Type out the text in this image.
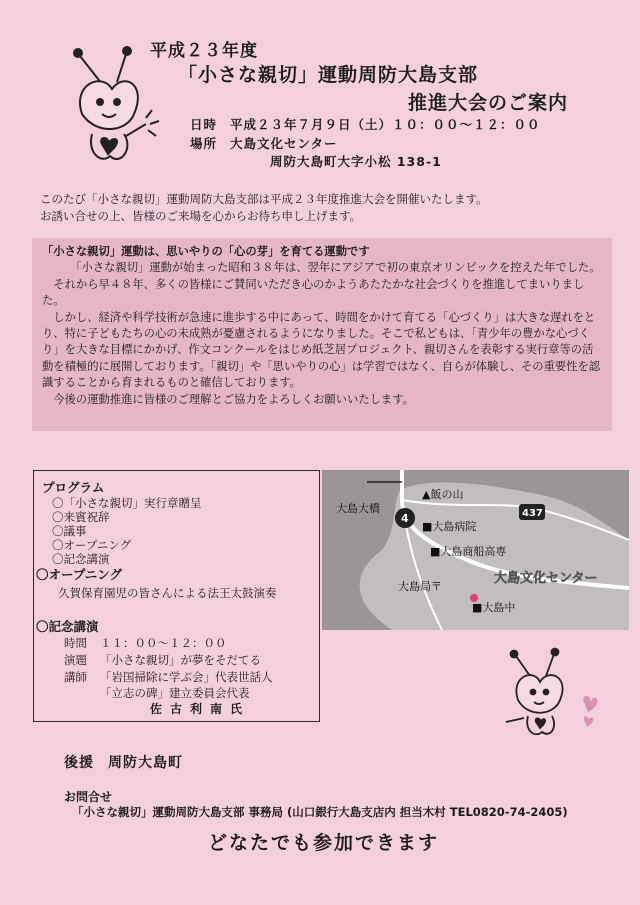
平成２３年度
「小さな親切」運動周防大島支部
推進大会のご案内
日時 平成２３年７月９日（土）１０：００～１２：００
場所 大島文化センター
周防大島町大字小松 138-1
このたび「小さな親切」運動周防大島支部は平成２３年度推進大会を開催いたします。
お誘い合せの上、皆様のご来場を心からお待ち申し上げます。

「小さな親切」運動は、思いやりの「心の芽」を育てる運動です

「小さな親切」運動が始まった昭和３８年は、翌年にアジアで初の東京オリンピックを控えた年でした。

それから早４８年、多くの皆様にご賛同いただき心のかようあたたかな社会づくりを推進してまいりました。

しかし、経済や科学技術が急速に進歩する中にあって、時間をかけて育てる「心づくり」は大きな遅れをとり、特に子どもたちの心の未成熟が憂慮されるようになりました。そこで私どもは、「青少年の豊かな心づくり」を大きな目標にかかげ、作文コンクールをはじめ紙芝居プロジェクト、親切さんを表彰する実行章等の活動を積極的に展開しております。「親切」や「思いやりの心」は学習ではなく、自らが体験し、その重要性を認識することから育まれるものと確信しております。

今後の運動推進に皆様のご理解とご協力をよろしくお願いいたします。

プログラム
〇 「小さな親切」実行章贈呈
〇 来賓祝辞
〇 議事
〇 オープニング
〇 記念講演
〇 オープニング
久賀保育園児の皆さんによる法王太鼓演奏
〇 記念講演
時間 １１：００～１２：００
演題 「小さな親切」が夢をそだてる
講師 「岩国掃除に学ぶ会」代表世話人
「立志の碑」建立委員会代表
佐古利南氏
大島大橋
▲飯の山
4	437
■大島病院
■大島商船高専
大島局〒
大島文化センター
■大島中
後援 周防大島町
お問合せ
「小さな親切」運動周防大島支部 事務局 (山口銀行大島支店内 担当木村 TEL0820-74-2405)
どなたでも参加できます
